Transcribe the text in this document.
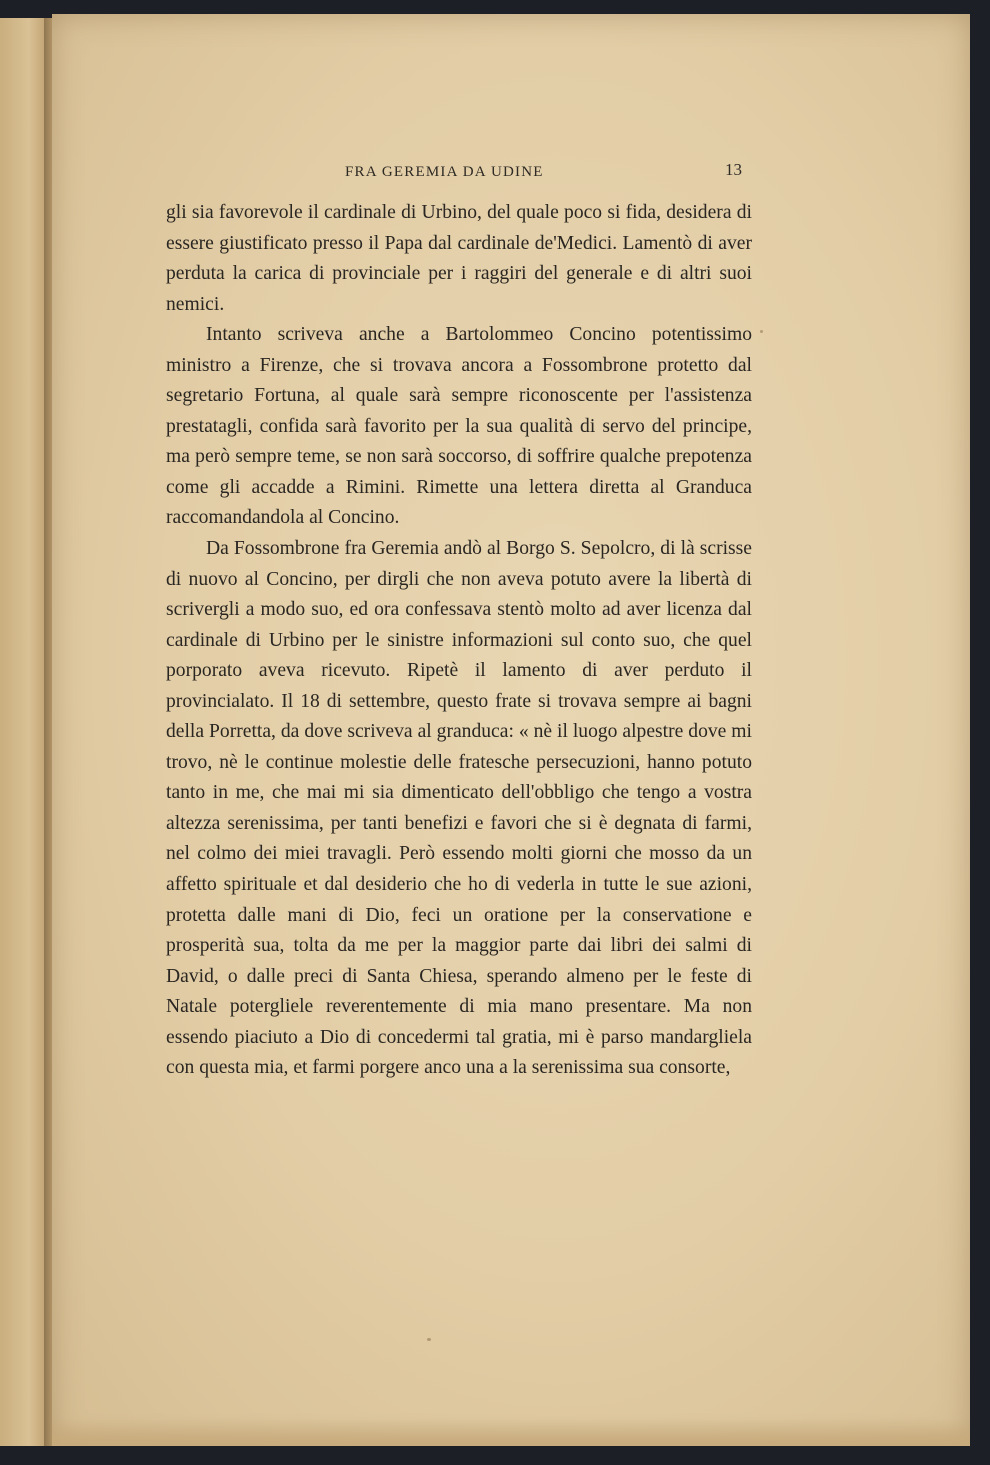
FRA GEREMIA DA UDINE	13

gli sia favorevole il cardinale di Urbino, del quale poco si fida, desidera di essere giustificato presso il Papa dal cardinale de'Medici. Lamentò di aver perduta la carica di provinciale per i raggiri del generale e di altri suoi nemici.

Intanto scriveva anche a Bartolommeo Concino potentissimo ministro a Firenze, che si trovava ancora a Fossombrone protetto dal segretario Fortuna, al quale sarà sempre riconoscente per l'assistenza prestatagli, confida sarà favorito per la sua qualità di servo del principe, ma però sempre teme, se non sarà soccorso, di soffrire qualche prepotenza come gli accadde a Rimini. Rimette una lettera diretta al Granduca raccomandandola al Concino.

Da Fossombrone fra Geremia andò al Borgo S. Sepolcro, di là scrisse di nuovo al Concino, per dirgli che non aveva potuto avere la libertà di scrivergli a modo suo, ed ora confessava stentò molto ad aver licenza dal cardinale di Urbino per le sinistre informazioni sul conto suo, che quel porporato aveva ricevuto. Ripetè il lamento di aver perduto il provincialato. Il 18 di settembre, questo frate si trovava sempre ai bagni della Porretta, da dove scriveva al granduca: « nè il luogo alpestre dove mi trovo, nè le continue molestie delle fratesche persecuzioni, hanno potuto tanto in me, che mai mi sia dimenticato dell'obbligo che tengo a vostra altezza serenissima, per tanti benefizi e favori che si è degnata di farmi, nel colmo dei miei travagli. Però essendo molti giorni che mosso da un affetto spirituale et dal desiderio che ho di vederla in tutte le sue azioni, protetta dalle mani di Dio, feci un oratione per la conservatione e prosperità sua, tolta da me per la maggior parte dai libri dei salmi di David, o dalle preci di Santa Chiesa, sperando almeno per le feste di Natale potergliele reverentemente di mia mano presentare. Ma non essendo piaciuto a Dio di concedermi tal gratia, mi è parso mandargliela con questa mia, et farmi porgere anco una a la serenissima sua consorte,
